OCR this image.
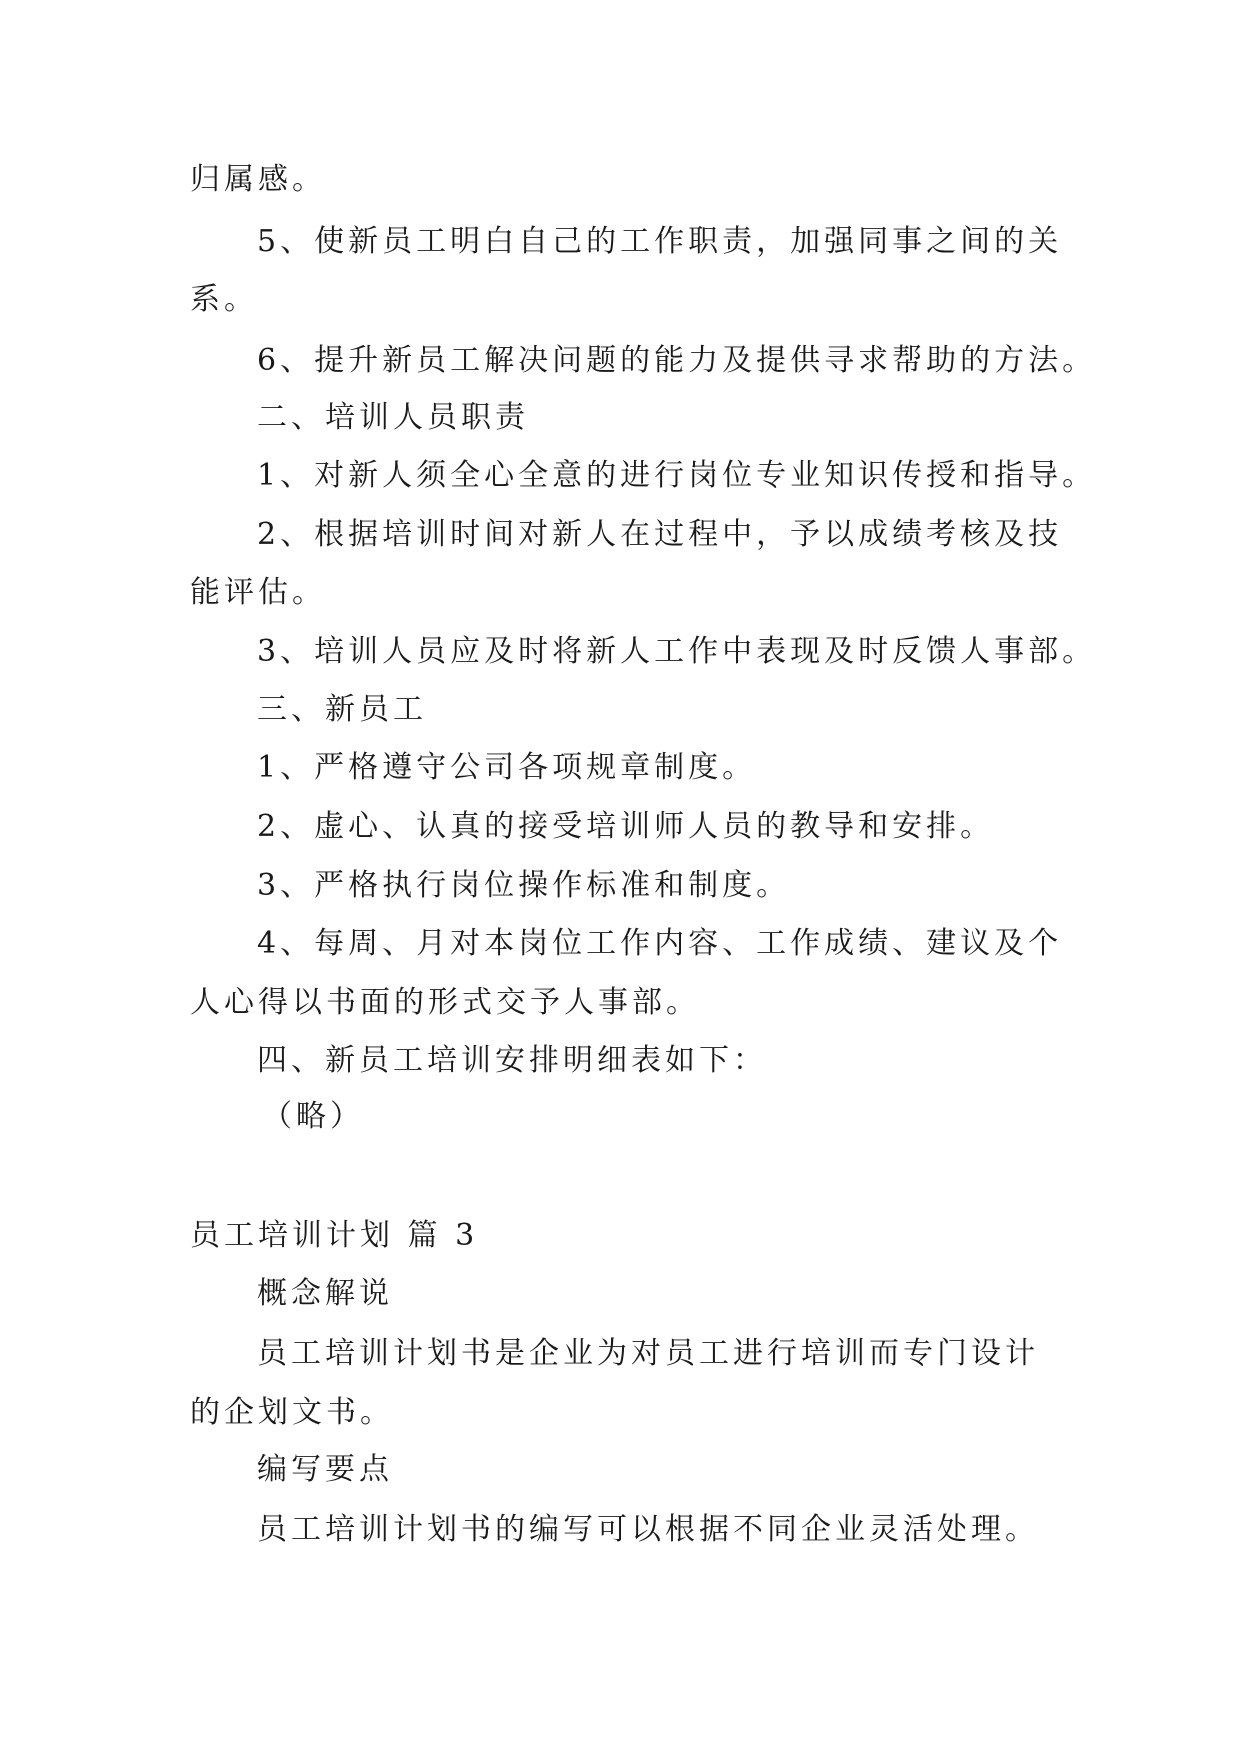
归属感。
5、使新员工明白自己的工作职责，加强同事之间的关
系。
6、提升新员工解决问题的能力及提供寻求帮助的方法。
二、培训人员职责
1、对新人须全心全意的进行岗位专业知识传授和指导。
2、根据培训时间对新人在过程中，予以成绩考核及技
能评估。
3、培训人员应及时将新人工作中表现及时反馈人事部。
三、新员工
1、严格遵守公司各项规章制度。
2、虚心、认真的接受培训师人员的教导和安排。
3、严格执行岗位操作标准和制度。
4、每周、月对本岗位工作内容、工作成绩、建议及个
人心得以书面的形式交予人事部。
四、新员工培训安排明细表如下：
（略）
员工培训计划 篇 3
概念解说
员工培训计划书是企业为对员工进行培训而专门设计
的企划文书。
编写要点
员工培训计划书的编写可以根据不同企业灵活处理。
